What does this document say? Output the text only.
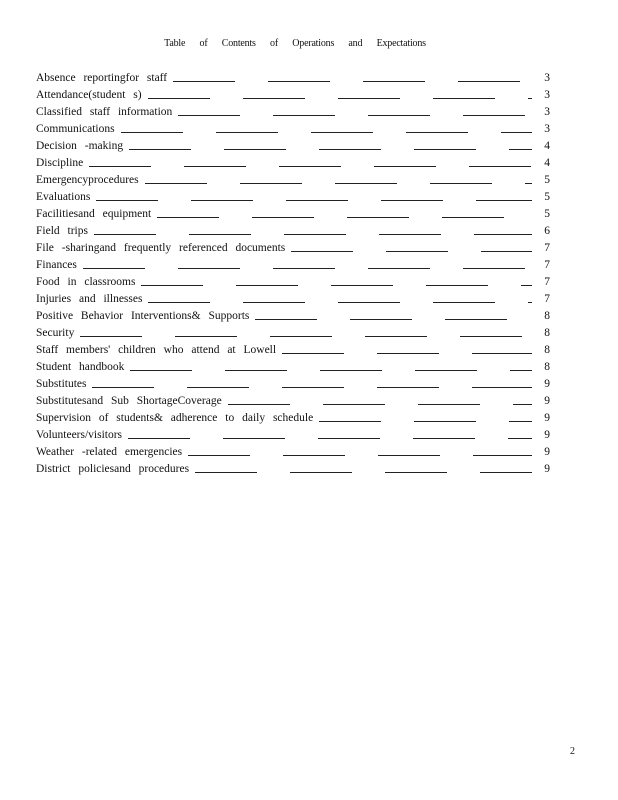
Table of Contents of Operations and Expectations
Absence reportingfor staff	3
Attendance(student s)	3
Classified staff information	3
Communications	3
Decision -making	4
Discipline	4
Emergencyprocedures	5
Evaluations	5
Facilitiesand equipment	5
Field trips	6
File -sharingand frequently referenced documents	7
Finances	7
Food in classrooms	7
Injuries and illnesses	7
Positive Behavior Interventions& Supports	8
Security	8
Staff members' children who attend at Lowell	8
Student handbook	8
Substitutes	9
Substitutesand Sub ShortageCoverage	9
Supervision of students& adherence to daily schedule	9
Volunteers/visitors	9
Weather -related emergencies	9
District policiesand procedures	9
2
